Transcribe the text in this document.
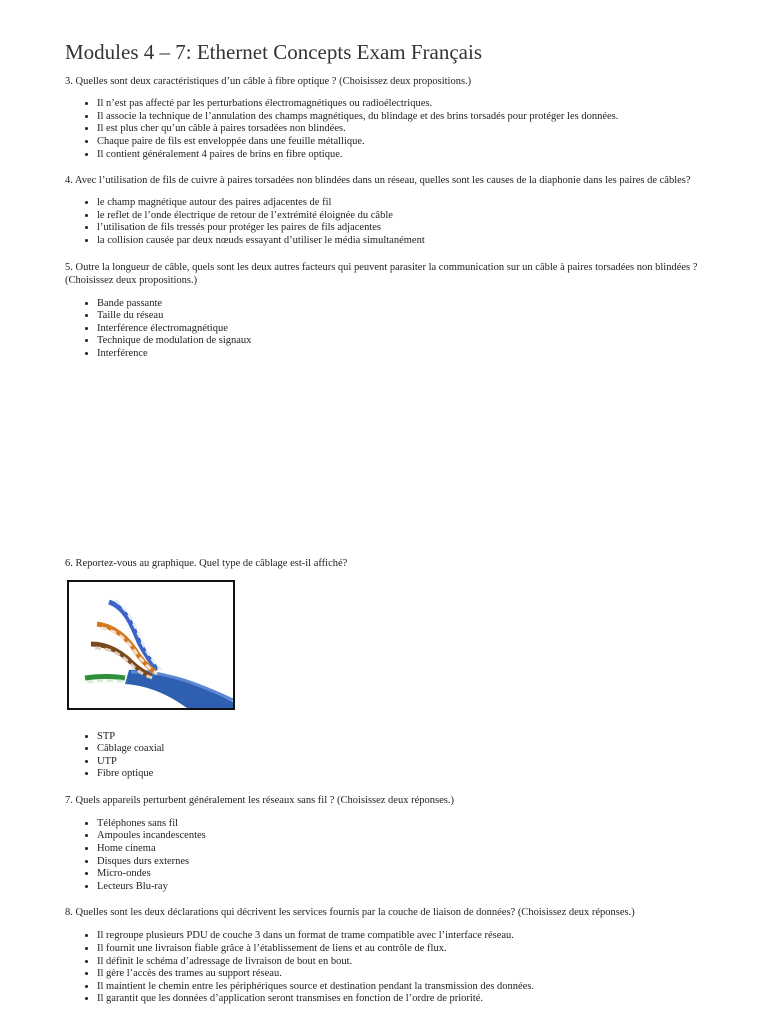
Modules 4 – 7: Ethernet Concepts Exam Français

3. Quelles sont deux caractéristiques d’un câble à fibre optique ? (Choisissez deux propositions.)

• Il n’est pas affecté par les perturbations électromagnétiques ou radioélectriques.
• Il associe la technique de l’annulation des champs magnétiques, du blindage et des brins torsadés pour protéger les données.
• Il est plus cher qu’un câble à paires torsadées non blindées.
• Chaque paire de fils est enveloppée dans une feuille métallique.
• Il contient généralement 4 paires de brins en fibre optique.

4. Avec l’utilisation de fils de cuivre à paires torsadées non blindées dans un réseau, quelles sont les causes de la diaphonie dans les paires de câbles?

• le champ magnétique autour des paires adjacentes de fil
• le reflet de l’onde électrique de retour de l’extrémité éloignée du câble
• l’utilisation de fils tressés pour protéger les paires de fils adjacentes
• la collision causée par deux nœuds essayant d’utiliser le média simultanément

5. Outre la longueur de câble, quels sont les deux autres facteurs qui peuvent parasiter la communication sur un câble à paires torsadées non blindées ? (Choisissez deux propositions.)

• Bande passante
• Taille du réseau
• Interférence électromagnétique
• Technique de modulation de signaux
• Interférence

6. Reportez-vous au graphique. Quel type de câblage est-il affiché?

• STP
• Câblage coaxial
• UTP
• Fibre optique

7. Quels appareils perturbent généralement les réseaux sans fil ? (Choisissez deux réponses.)

• Téléphones sans fil
• Ampoules incandescentes
• Home cinema
• Disques durs externes
• Micro-ondes
• Lecteurs Blu-ray

8. Quelles sont les deux déclarations qui décrivent les services fournis par la couche de liaison de données? (Choisissez deux réponses.)

• Il regroupe plusieurs PDU de couche 3 dans un format de trame compatible avec l’interface réseau.
• Il fournit une livraison fiable grâce à l’établissement de liens et au contrôle de flux.
• Il définit le schéma d’adressage de livraison de bout en bout.
• Il gère l’accès des trames au support réseau.
• Il maintient le chemin entre les périphériques source et destination pendant la transmission des données.
• Il garantit que les données d’application seront transmises en fonction de l’ordre de priorité.
